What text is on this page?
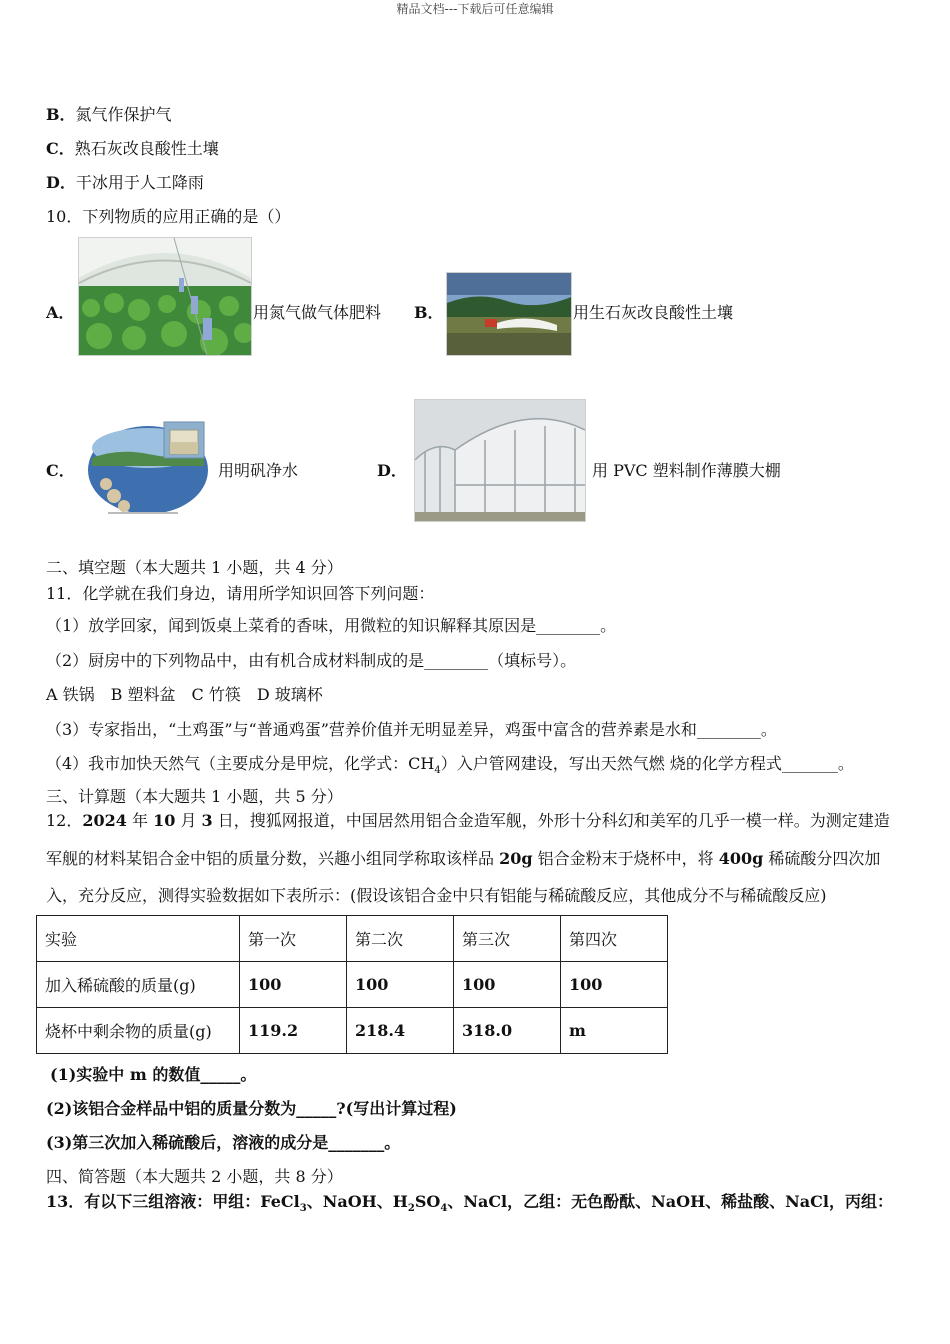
精品文档---下载后可任意编辑
B．氮气作保护气
C．熟石灰改良酸性土壤
D．干冰用于人工降雨
10．下列物质的应用正确的是（）
A．	用氮气做气体肥料 B．	用生石灰改良酸性土壤
C．	用明矾净水	D．	用 PVC 塑料制作薄膜大棚
二、填空题（本大题共 1 小题，共 4 分）
11．化学就在我们身边，请用所学知识回答下列问题：
（1）放学回家，闻到饭桌上菜肴的香味，用微粒的知识解释其原因是________。
（2）厨房中的下列物品中，由有机合成材料制成的是________（填标号）。
A 铁锅　B 塑料盆　C 竹筷　D 玻璃杯
（3）专家指出，“土鸡蛋”与“普通鸡蛋”营养价值并无明显差异，鸡蛋中富含的营养素是水和________。
（4）我市加快天然气（主要成分是甲烷，化学式：$CH_4$）入户管网建设，写出天然气燃 烧的化学方程式_______。
三、计算题（本大题共 1 小题，共 5 分）
12．2024 年 10 月 3 日，搜狐网报道，中国居然用铝合金造军舰，外形十分科幻和美军的几乎一模一样。为测定建造
军舰的材料某铝合金中铝的质量分数，兴趣小组同学称取该样品 20g 铝合金粉末于烧杯中，将 400g 稀硫酸分四次加
入，充分反应，测得实验数据如下表所示：(假设该铝合金中只有铝能与稀硫酸反应，其他成分不与稀硫酸反应)
实验	第一次	第二次	第三次	第四次
加入稀硫酸的质量(g)	100	100	100	100
烧杯中剩余物的质量(g)	119.2	218.4	318.0	m
(1)实验中 m 的数值_____。
(2)该铝合金样品中铝的质量分数为_____?(写出计算过程)
(3)第三次加入稀硫酸后，溶液的成分是_______。
四、简答题（本大题共 2 小题，共 8 分）
13．有以下三组溶液：甲组：FeCl$_3$、NaOH、$H_2SO_4$、NaCl，乙组：无色酚酞、NaOH、稀盐酸、NaCl，丙组：
